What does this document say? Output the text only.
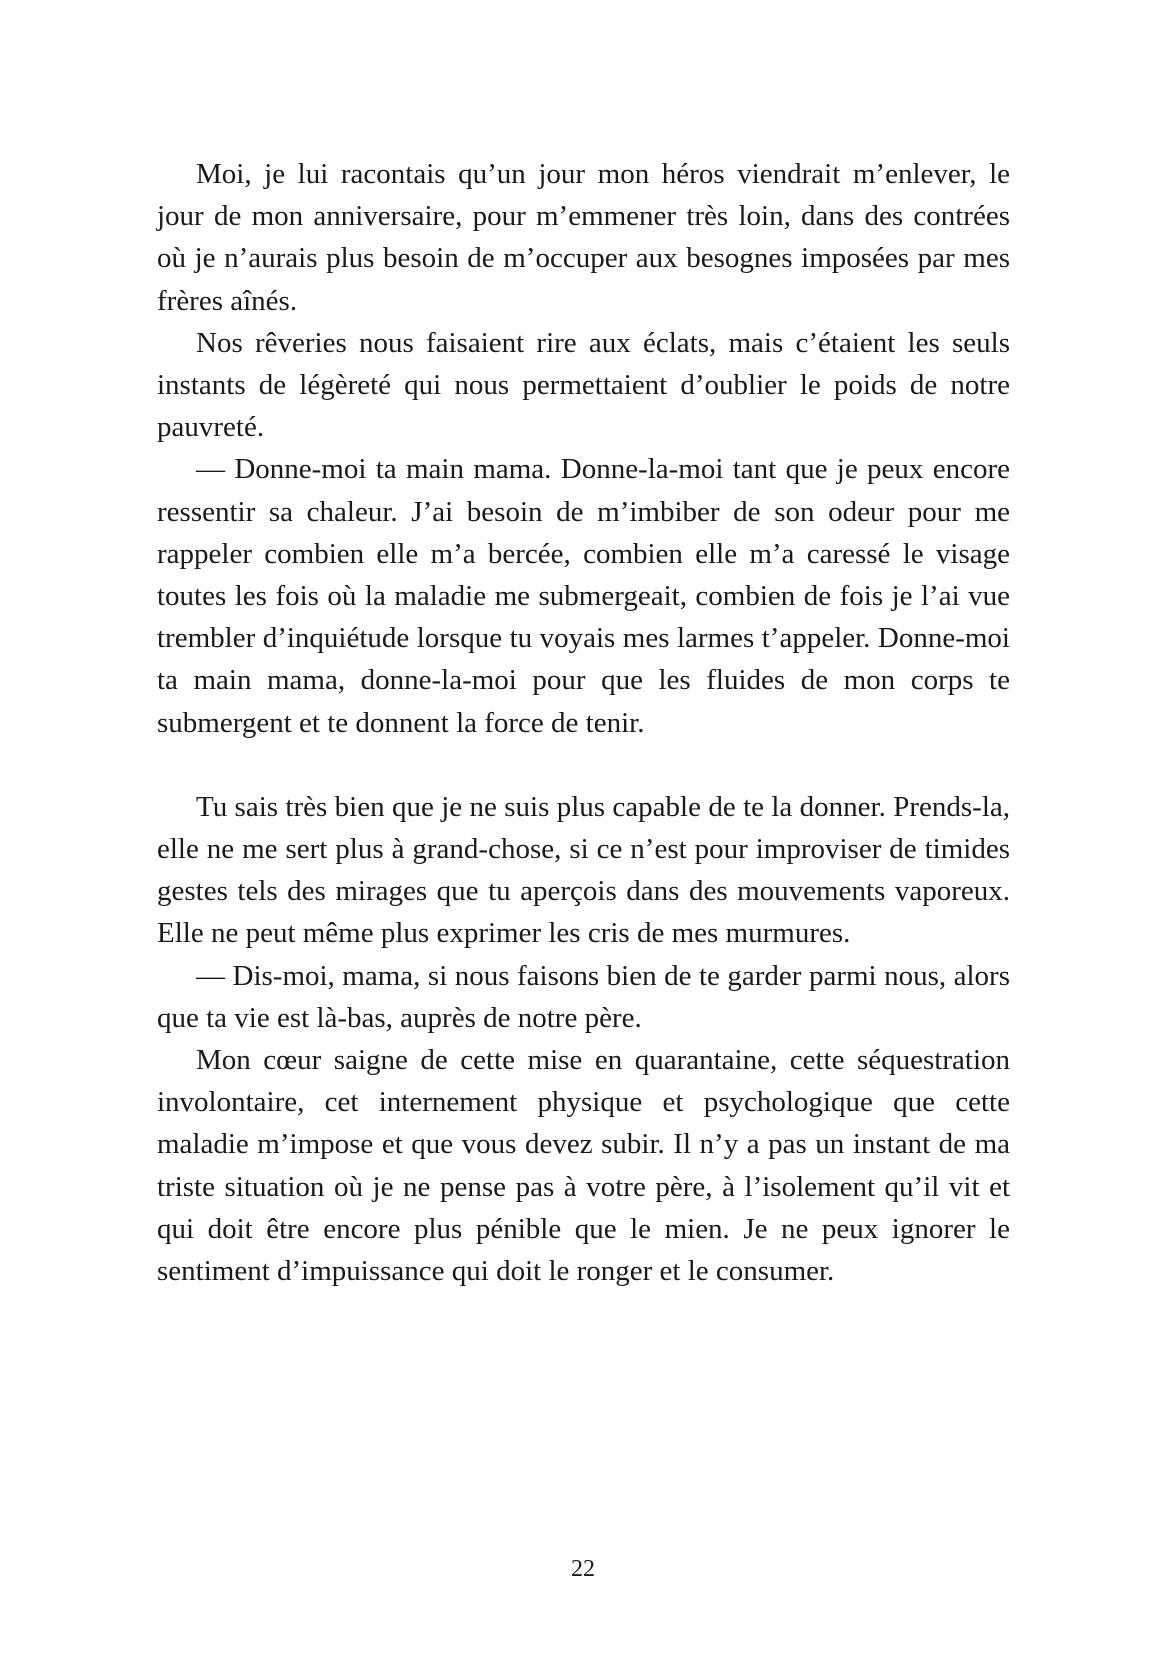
Moi, je lui racontais qu’un jour mon héros viendrait m’enlever, le jour de mon anniversaire, pour m’emmener très loin, dans des contrées où je n’aurais plus besoin de m’occuper aux besognes imposées par mes frères aînés.

Nos rêveries nous faisaient rire aux éclats, mais c’étaient les seuls instants de légèreté qui nous permettaient d’oublier le poids de notre pauvreté.

— Donne-moi ta main mama. Donne-la-moi tant que je peux encore ressentir sa chaleur. J’ai besoin de m’imbiber de son odeur pour me rappeler combien elle m’a bercée, combien elle m’a caressé le visage toutes les fois où la maladie me submergeait, combien de fois je l’ai vue trembler d’inquiétude lorsque tu voyais mes larmes t’appeler. Donne-moi ta main mama, donne-la-moi pour que les fluides de mon corps te submergent et te donnent la force de tenir.

Tu sais très bien que je ne suis plus capable de te la donner. Prends-la, elle ne me sert plus à grand-chose, si ce n’est pour improviser de timides gestes tels des mirages que tu aperçois dans des mouvements vaporeux. Elle ne peut même plus exprimer les cris de mes murmures.

— Dis-moi, mama, si nous faisons bien de te garder parmi nous, alors que ta vie est là-bas, auprès de notre père.

Mon cœur saigne de cette mise en quarantaine, cette séquestration involontaire, cet internement physique et psychologique que cette maladie m’impose et que vous devez subir. Il n’y a pas un instant de ma triste situation où je ne pense pas à votre père, à l’isolement qu’il vit et qui doit être encore plus pénible que le mien. Je ne peux ignorer le sentiment d’impuissance qui doit le ronger et le consumer.

22
